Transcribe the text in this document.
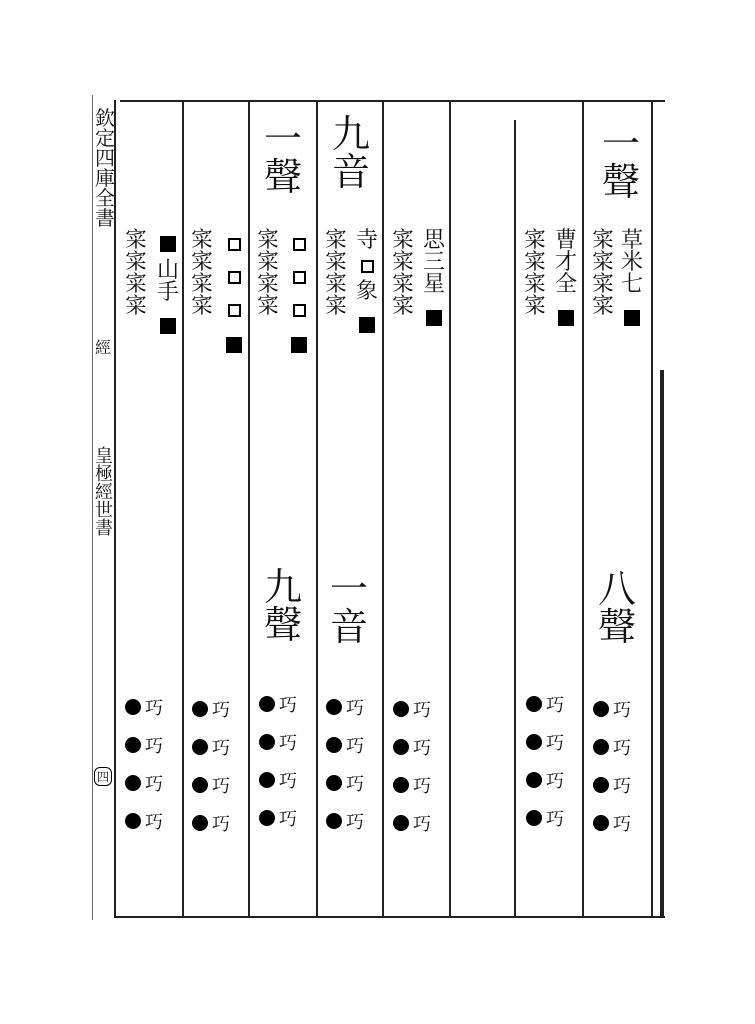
欽
定
四
庫
全
書
經
皇
極
經
世
書
四
一
聲
草
米
七
寀
寀
寀
寀
八
聲
巧
巧
巧
巧
曹
才
全
寀
寀
寀
寀
巧
巧
巧
巧
思
三
星
寀
寀
寀
寀
巧
巧
巧
巧
九
音
寺
象
寀
寀
寀
寀
一
音
巧
巧
巧
巧
一
聲
寀
寀
寀
寀
九
聲
巧
巧
巧
巧
寀
寀
寀
寀
巧
巧
巧
巧
山
手
寀
寀
寀
寀
巧
巧
巧
巧
